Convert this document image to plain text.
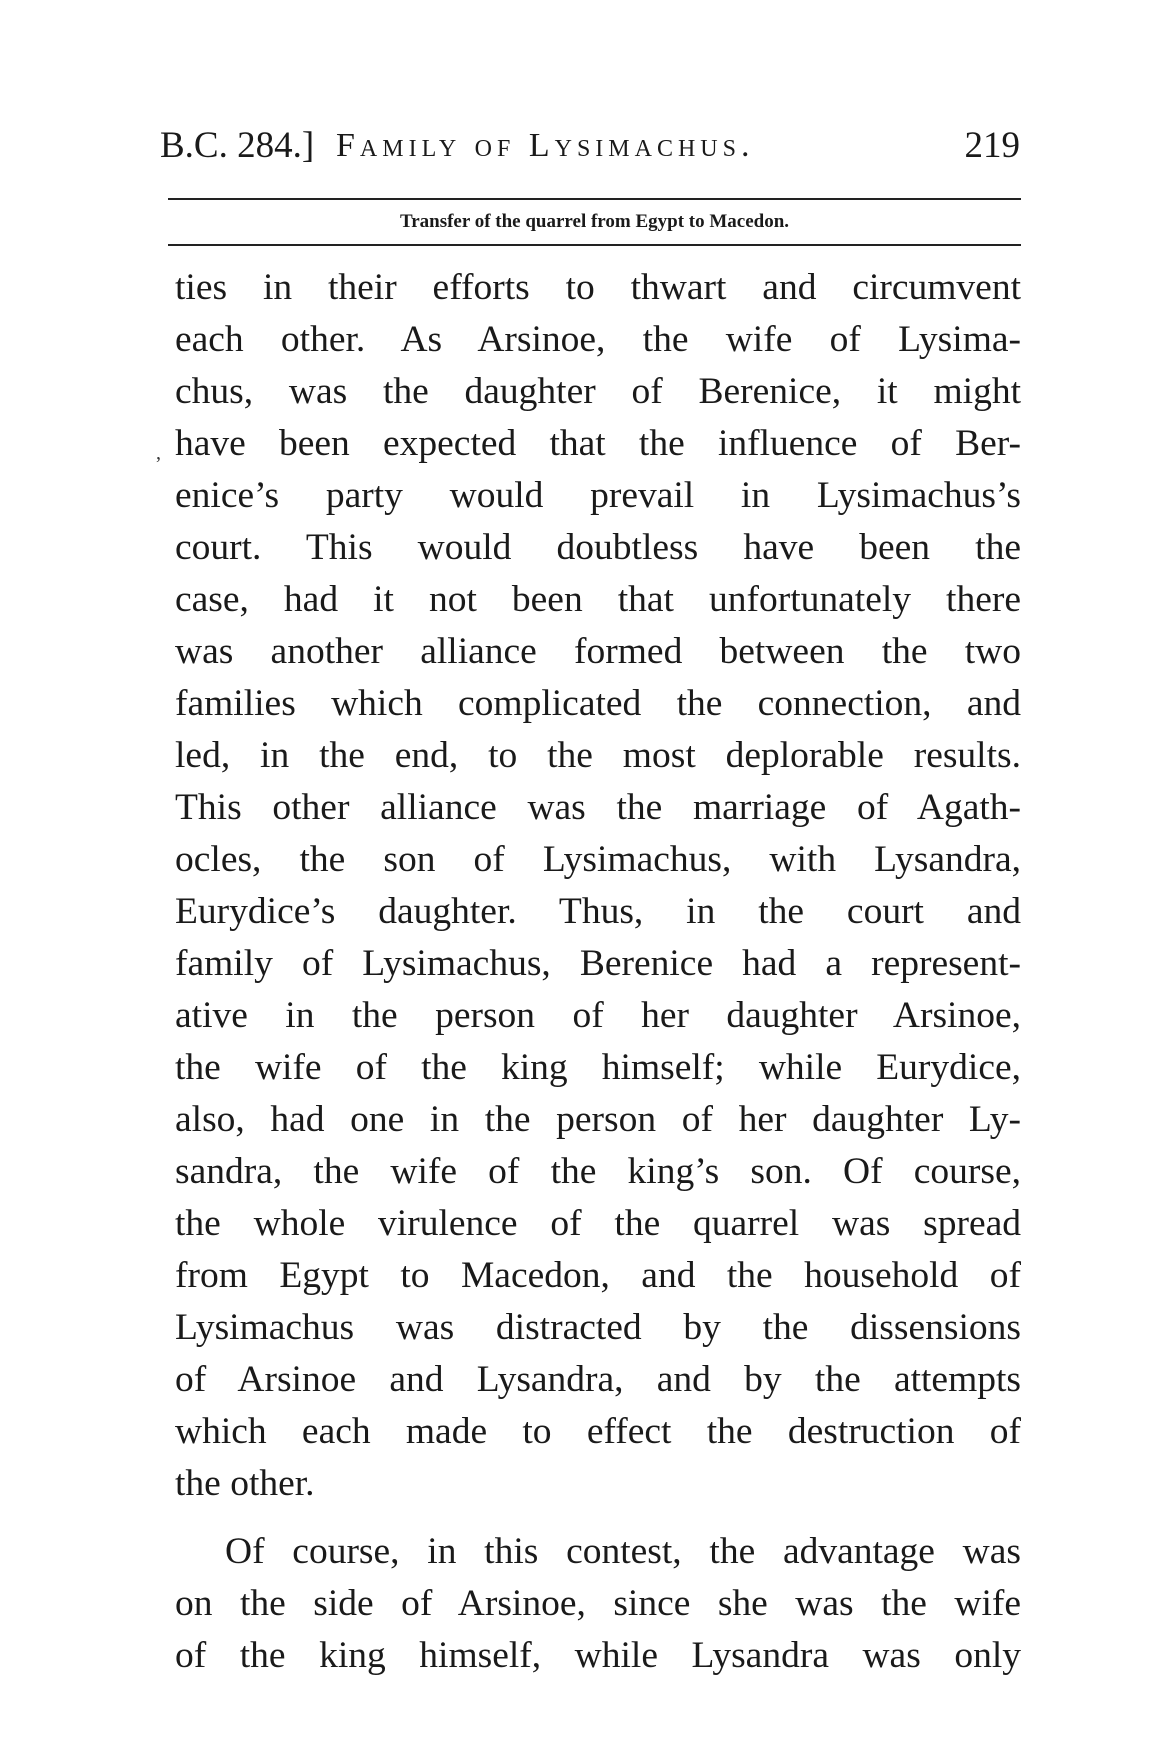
B.C. 284.] Family of Lysimachus.	219
Transfer of the quarrel from Egypt to Macedon.
,
ties in their efforts to thwart and circumvent
each other. As Arsinoe, the wife of Lysima-
chus, was the daughter of Berenice, it might
have been expected that the influence of Ber-
enice’s party would prevail in Lysimachus’s
court. This would doubtless have been the
case, had it not been that unfortunately there
was another alliance formed between the two
families which complicated the connection, and
led, in the end, to the most deplorable results.
This other alliance was the marriage of Agath-
ocles, the son of Lysimachus, with Lysandra,
Eurydice’s daughter. Thus, in the court and
family of Lysimachus, Berenice had a represent-
ative in the person of her daughter Arsinoe,
the wife of the king himself; while Eurydice,
also, had one in the person of her daughter Ly-
sandra, the wife of the king’s son. Of course,
the whole virulence of the quarrel was spread
from Egypt to Macedon, and the household of
Lysimachus was distracted by the dissensions
of Arsinoe and Lysandra, and by the attempts
which each made to effect the destruction of
the other.
Of course, in this contest, the advantage was
on the side of Arsinoe, since she was the wife
of the king himself, while Lysandra was only
